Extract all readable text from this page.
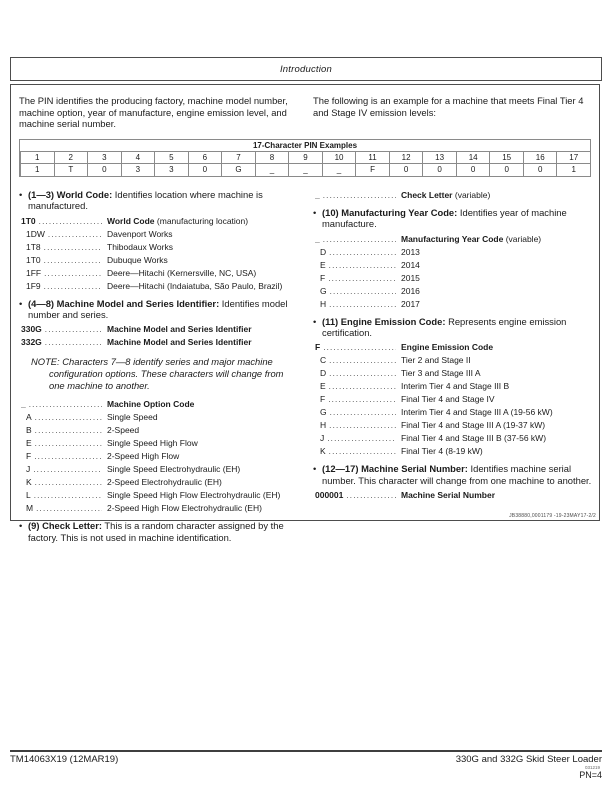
Introduction

The PIN identifies the producing factory, machine model number, machine option, year of manufacture, engine emission level, and machine serial number.

The following is an example for a machine that meets Final Tier 4 and Stage IV emission levels:

17-Character PIN Examples
1	2	3	4	5	6	7	8	9	10	11	12	13	14	15	16	17
1	T	0	3	3	0	G	_	_	_	F	0	0	0	0	0	1

• (1—3) World Code: Identifies location where machine is manufactured.

1T0 .....	World Code (manufacturing location)
1DW .....	Davenport Works
1T8 .....	Thibodaux Works
1T0 .....	Dubuque Works
1FF .....	Deere—Hitachi (Kernersville, NC, USA)
1F9 .....	Deere—Hitachi (Indaiatuba, São Paulo, Brazil)

• (4—8) Machine Model and Series Identifier: Identifies model number and series.

330G .....	Machine Model and Series Identifier
332G .....	Machine Model and Series Identifier

NOTE: Characters 7—8 identify series and major machine configuration options. These characters will change from one machine to another.

_ .....	Machine Option Code
A .....	Single Speed
B .....	2-Speed
E .....	Single Speed High Flow
F .....	2-Speed High Flow
J .....	Single Speed Electrohydraulic (EH)
K .....	2-Speed Electrohydraulic (EH)
L .....	Single Speed High Flow Electrohydraulic (EH)
M .....	2-Speed High Flow Electrohydraulic (EH)

• (9) Check Letter: This is a random character assigned by the factory. This is not used in machine identification.

_ .....	Check Letter (variable)

• (10) Manufacturing Year Code: Identifies year of machine manufacture.

_ .....	Manufacturing Year Code (variable)
D .....	2013
E .....	2014
F .....	2015
G .....	2016
H .....	2017

• (11) Engine Emission Code: Represents engine emission certification.

F .....	Engine Emission Code
C .....	Tier 2 and Stage II
D .....	Tier 3 and Stage III A
E .....	Interim Tier 4 and Stage III B
F .....	Final Tier 4 and Stage IV
G .....	Interim Tier 4 and Stage III A (19-56 kW)
H .....	Final Tier 4 and Stage III A (19-37 kW)
J .....	Final Tier 4 and Stage III B (37-56 kW)
K .....	Final Tier 4 (8-19 kW)

• (12—17) Machine Serial Number: Identifies machine serial number. This character will change from one machine to another.

000001 .....	Machine Serial Number
JB38880,0001179 -19-23MAY17-2/2
TM14063X19 (12MAR19)	330G and 332G Skid Steer Loader
031219
PN=4
